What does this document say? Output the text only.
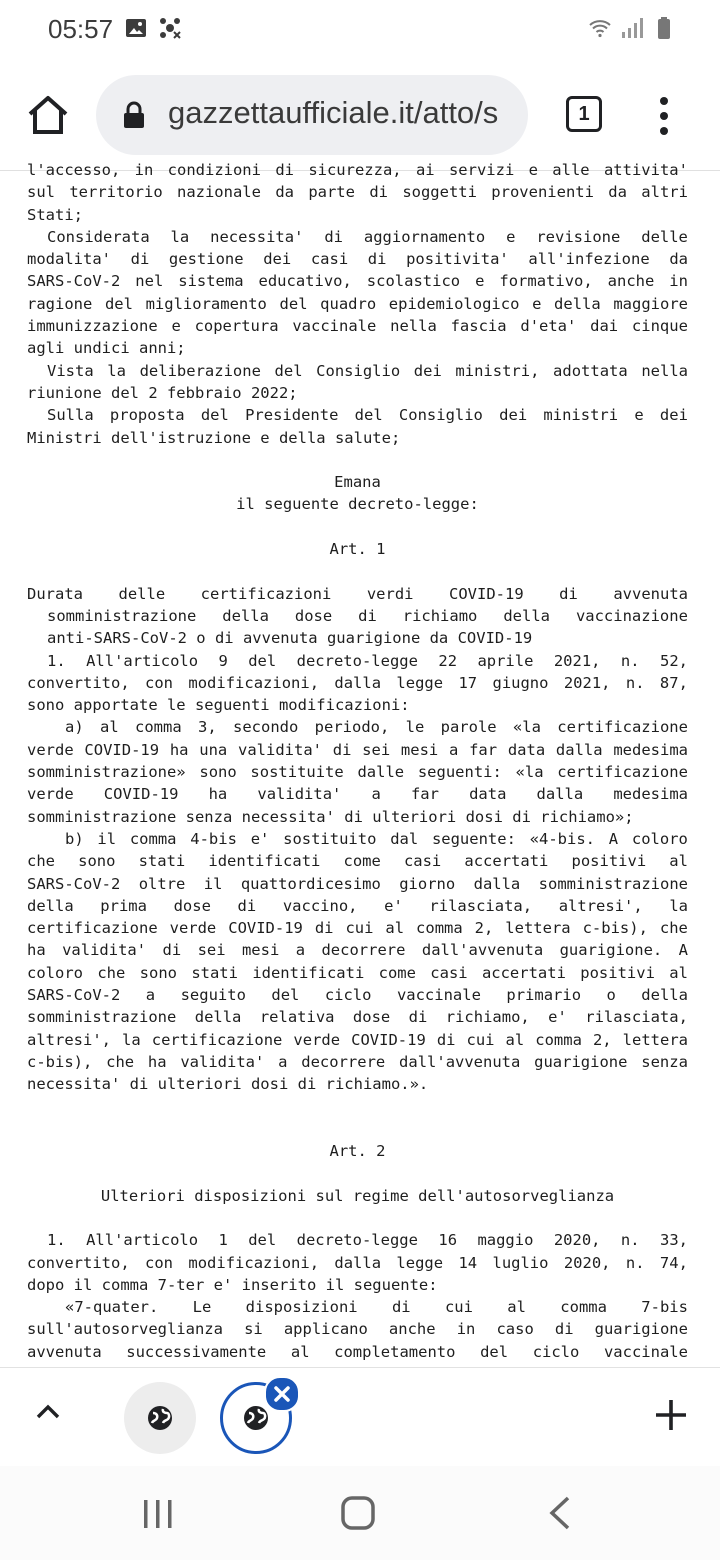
05:57
gazzettaufficiale.it/atto/s	1
l'accesso, in condizioni di sicurezza, ai servizi e alle attivita'
sul territorio nazionale da parte di soggetti provenienti da altri
Stati;
Considerata la necessita' di aggiornamento e revisione delle
modalita' di gestione dei casi di positivita' all'infezione da
SARS-CoV-2 nel sistema educativo, scolastico e formativo, anche in
ragione del miglioramento del quadro epidemiologico e della maggiore
immunizzazione e copertura vaccinale nella fascia d'eta' dai cinque
agli undici anni;
Vista la deliberazione del Consiglio dei ministri, adottata nella
riunione del 2 febbraio 2022;
Sulla proposta del Presidente del Consiglio dei ministri e dei
Ministri dell'istruzione e della salute;
Emana
il seguente decreto-legge:
Art. 1
Durata delle certificazioni verdi COVID-19 di avvenuta
somministrazione della dose di richiamo della vaccinazione
anti-SARS-CoV-2 o di avvenuta guarigione da COVID-19
1. All'articolo 9 del decreto-legge 22 aprile 2021, n. 52,
convertito, con modificazioni, dalla legge 17 giugno 2021, n. 87,
sono apportate le seguenti modificazioni:
a) al comma 3, secondo periodo, le parole «la certificazione
verde COVID-19 ha una validita' di sei mesi a far data dalla medesima
somministrazione» sono sostituite dalle seguenti: «la certificazione
verde COVID-19 ha validita' a far data dalla medesima
somministrazione senza necessita' di ulteriori dosi di richiamo»;
b) il comma 4-bis e' sostituito dal seguente: «4-bis. A coloro
che sono stati identificati come casi accertati positivi al
SARS-CoV-2 oltre il quattordicesimo giorno dalla somministrazione
della prima dose di vaccino, e' rilasciata, altresi', la
certificazione verde COVID-19 di cui al comma 2, lettera c-bis), che
ha validita' di sei mesi a decorrere dall'avvenuta guarigione. A
coloro che sono stati identificati come casi accertati positivi al
SARS-CoV-2 a seguito del ciclo vaccinale primario o della
somministrazione della relativa dose di richiamo, e' rilasciata,
altresi', la certificazione verde COVID-19 di cui al comma 2, lettera
c-bis), che ha validita' a decorrere dall'avvenuta guarigione senza
necessita' di ulteriori dosi di richiamo.».
Art. 2
Ulteriori disposizioni sul regime dell'autosorveglianza
1. All'articolo 1 del decreto-legge 16 maggio 2020, n. 33,
convertito, con modificazioni, dalla legge 14 luglio 2020, n. 74,
dopo il comma 7-ter e' inserito il seguente:
«7-quater. Le disposizioni di cui al comma 7-bis
sull'autosorveglianza si applicano anche in caso di guarigione
avvenuta successivamente al completamento del ciclo vaccinale
